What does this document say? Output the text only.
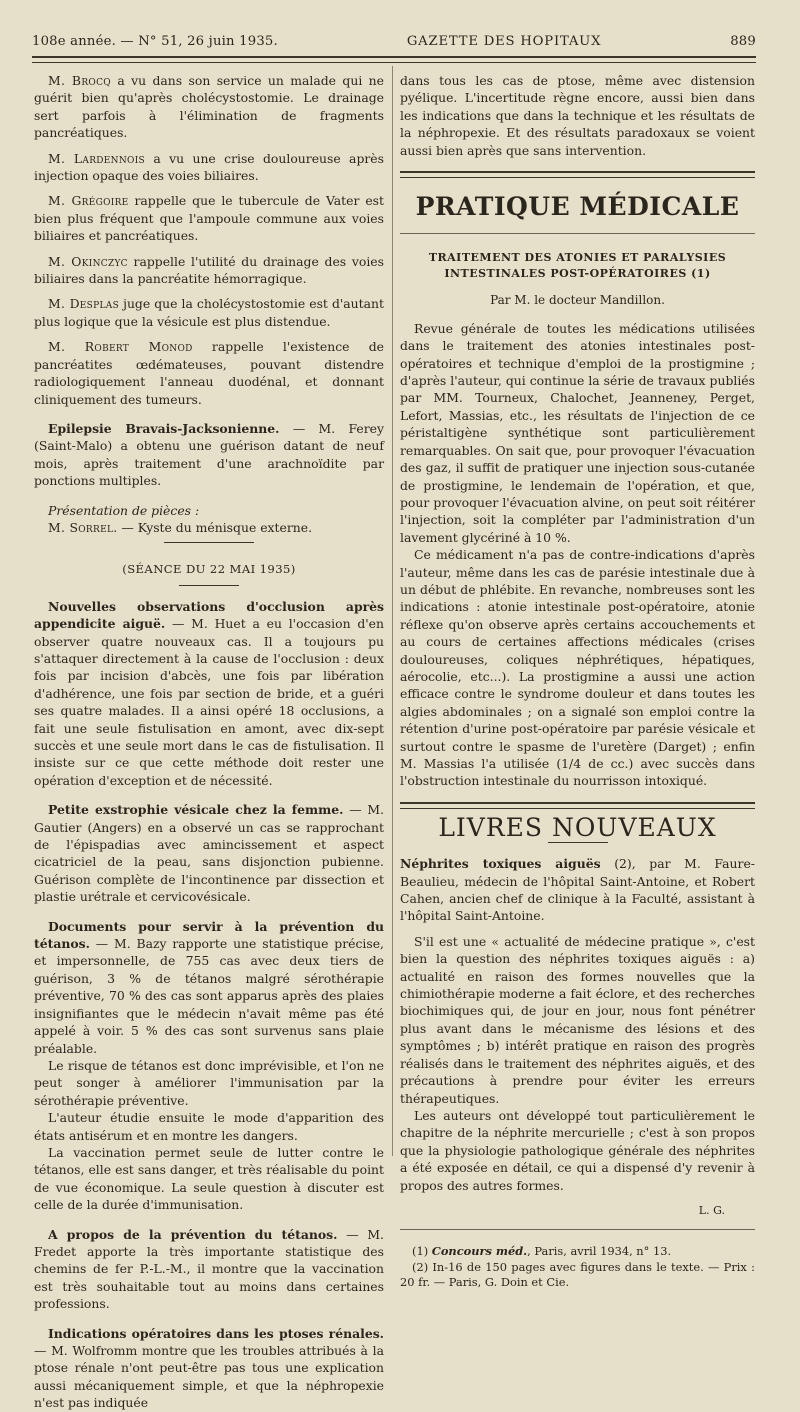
108e année. — N° 51, 26 juin 1935.	GAZETTE DES HOPITAUX	889

M. Brocq a vu dans son service un malade qui ne guérit bien qu'après cholécystostomie. Le drainage sert parfois à l'élimination de fragments pancréatiques.

M. Lardennois a vu une crise douloureuse après injection opaque des voies biliaires.

M. Grégoire rappelle que le tubercule de Vater est bien plus fréquent que l'ampoule commune aux voies biliaires et pancréatiques.

M. Okinczyc rappelle l'utilité du drainage des voies biliaires dans la pancréatite hémorragique.

M. Desplas juge que la cholécystostomie est d'autant plus logique que la vésicule est plus distendue.

M. Robert Monod rappelle l'existence de pancréatites œdémateuses, pouvant distendre radiologiquement l'anneau duodénal, et donnant cliniquement des tumeurs.

Epilepsie Bravais-Jacksonienne. — M. Ferey (Saint-Malo) a obtenu une guérison datant de neuf mois, après traitement d'une arachnoïdite par ponctions multiples.

Présentation de pièces :

M. Sorrel. — Kyste du ménisque externe.

(SÉANCE DU 22 MAI 1935)

Nouvelles observations d'occlusion après appendicite aiguë. — M. Huet a eu l'occasion d'en observer quatre nouveaux cas. Il a toujours pu s'attaquer directement à la cause de l'occlusion : deux fois par incision d'abcès, une fois par libération d'adhérence, une fois par section de bride, et a guéri ses quatre malades. Il a ainsi opéré 18 occlusions, a fait une seule fistulisation en amont, avec dix-sept succès et une seule mort dans le cas de fistulisation. Il insiste sur ce que cette méthode doit rester une opération d'exception et de nécessité.

Petite exstrophie vésicale chez la femme. — M. Gautier (Angers) en a observé un cas se rapprochant de l'épispadias avec amincissement et aspect cicatriciel de la peau, sans disjonction pubienne. Guérison complète de l'incontinence par dissection et plastie urétrale et cervicovésicale.

Documents pour servir à la prévention du tétanos. — M. Bazy rapporte une statistique précise, et impersonnelle, de 755 cas avec deux tiers de guérison, 3 % de tétanos malgré sérothérapie préventive, 70 % des cas sont apparus après des plaies insignifiantes que le médecin n'avait même pas été appelé à voir. 5 % des cas sont survenus sans plaie préalable.

Le risque de tétanos est donc imprévisible, et l'on ne peut songer à améliorer l'immunisation par la sérothérapie préventive.

L'auteur étudie ensuite le mode d'apparition des états antisérum et en montre les dangers.

La vaccination permet seule de lutter contre le tétanos, elle est sans danger, et très réalisable du point de vue économique. La seule question à discuter est celle de la durée d'immunisation.

A propos de la prévention du tétanos. — M. Fredet apporte la très importante statistique des chemins de fer P.-L.-M., il montre que la vaccination est très souhaitable tout au moins dans certaines professions.

Indications opératoires dans les ptoses rénales. — M. Wolfromm montre que les troubles attribués à la ptose rénale n'ont peut-être pas tous une explication aussi mécaniquement simple, et que la néphropexie n'est pas indiquée

dans tous les cas de ptose, même avec distension pyélique. L'incertitude règne encore, aussi bien dans les indications que dans la technique et les résultats de la néphropexie. Et des résultats paradoxaux se voient aussi bien après que sans intervention.

PRATIQUE MÉDICALE

TRAITEMENT DES ATONIES ET PARALYSIES INTESTINALES POST-OPÉRATOIRES (1)

Par M. le docteur Mandillon.

Revue générale de toutes les médications utilisées dans le traitement des atonies intestinales post-opératoires et technique d'emploi de la prostigmine ; d'après l'auteur, qui continue la série de travaux publiés par MM. Tourneux, Chalochet, Jeanneney, Perget, Lefort, Massias, etc., les résultats de l'injection de ce péristaltigène synthétique sont particulièrement remarquables. On sait que, pour provoquer l'évacuation des gaz, il suffit de pratiquer une injection sous-cutanée de prostigmine, le lendemain de l'opération, et que, pour provoquer l'évacuation alvine, on peut soit réitérer l'injection, soit la compléter par l'administration d'un lavement glycériné à 10 %.

Ce médicament n'a pas de contre-indications d'après l'auteur, même dans les cas de parésie intestinale due à un début de phlébite. En revanche, nombreuses sont les indications : atonie intestinale post-opératoire, atonie réflexe qu'on observe après certains accouchements et au cours de certaines affections médicales (crises douloureuses, coliques néphrétiques, hépatiques, aérocolie, etc...). La prostigmine a aussi une action efficace contre le syndrome douleur et dans toutes les algies abdominales ; on a signalé son emploi contre la rétention d'urine post-opératoire par parésie vésicale et surtout contre le spasme de l'uretère (Darget) ; enfin M. Massias l'a utilisée (1/4 de cc.) avec succès dans l'obstruction intestinale du nourrisson intoxiqué.

LIVRES NOUVEAUX

Néphrites toxiques aiguës (2), par M. Faure-Beaulieu, médecin de l'hôpital Saint-Antoine, et Robert Cahen, ancien chef de clinique à la Faculté, assistant à l'hôpital Saint-Antoine.

S'il est une « actualité de médecine pratique », c'est bien la question des néphrites toxiques aiguës : a) actualité en raison des formes nouvelles que la chimiothérapie moderne a fait éclore, et des recherches biochimiques qui, de jour en jour, nous font pénétrer plus avant dans le mécanisme des lésions et des symptômes ; b) intérêt pratique en raison des progrès réalisés dans le traitement des néphrites aiguës, et des précautions à prendre pour éviter les erreurs thérapeutiques.

Les auteurs ont développé tout particulièrement le chapitre de la néphrite mercurielle ; c'est à son propos que la physiologie pathologique générale des néphrites a été exposée en détail, ce qui a dispensé d'y revenir à propos des autres formes.

L. G.

(1) Concours méd., Paris, avril 1934, n° 13.

(2) In-16 de 150 pages avec figures dans le texte. — Prix : 20 fr. — Paris, G. Doin et Cie.
